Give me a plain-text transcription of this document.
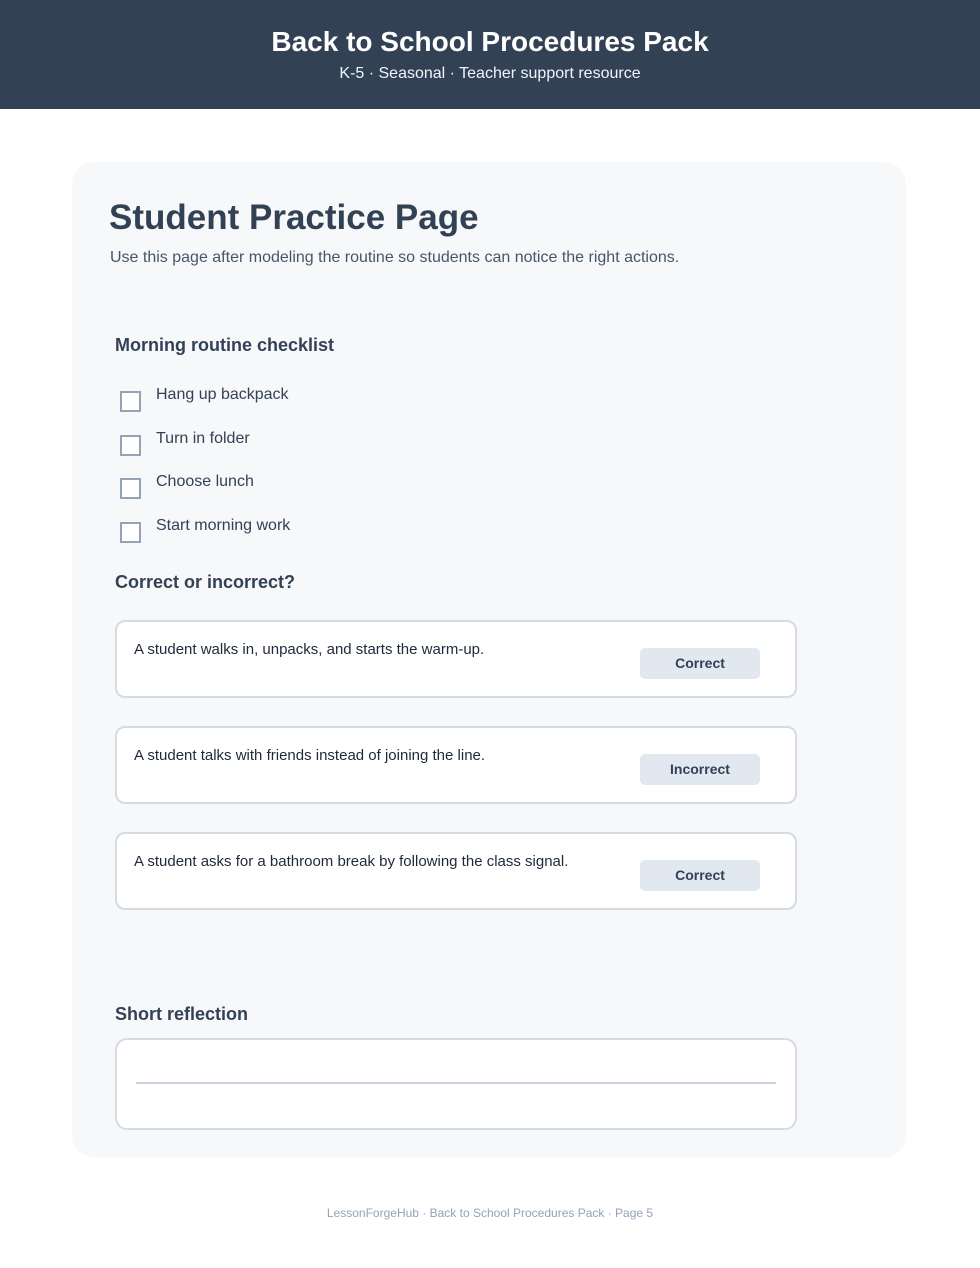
Back to School Procedures Pack
K-5 · Seasonal · Teacher support resource
Student Practice Page
Use this page after modeling the routine so students can notice the right actions.
Morning routine checklist
Hang up backpack
Turn in folder
Choose lunch
Start morning work
Correct or incorrect?
A student walks in, unpacks, and starts the warm-up.
Correct
A student talks with friends instead of joining the line.
Incorrect
A student asks for a bathroom break by following the class signal.
Correct
Short reflection
LessonForgeHub · Back to School Procedures Pack · Page 5
